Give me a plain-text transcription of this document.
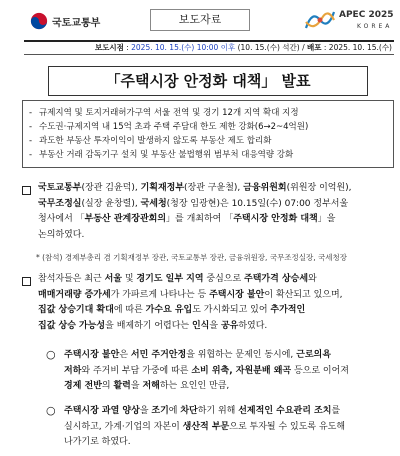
국토교통부	보도자료	APEC 2025
KOREA
보도시점 : 2025. 10. 15.(수) 10:00 이후 (10. 15.(수) 석간) / 배포 : 2025. 10. 15.(수)
「주택시장 안정화 대책」 발표
- 규제지역 및 토지거래허가구역 서울 전역 및 경기 12개 지역 확대 지정
- 수도권·규제지역 내 15억 초과 주택 주담대 한도 제한 강화(6→2~4억원)
- 과도한 부동산 투자이익이 발생하지 않도록 부동산 제도 합리화
- 부동산 거래 감독기구 설치 및 부동산 불법행위 범부처 대응역량 강화
국토교통부(장관 김윤덕), 기획재정부(장관 구윤철), 금융위원회(위원장 이억원),
국무조정실(실장 윤창렬), 국세청(청장 임광현)은 10.15일(수) 07:00 정부서울
청사에서 「부동산 관계장관회의」를 개최하여 「주택시장 안정화 대책」을
논의하였다.
* (참석) 경제부총리 겸 기획재정부 장관, 국토교통부 장관, 금융위원장, 국무조정실장, 국세청장
참석자들은 최근 서울 및 경기도 일부 지역 중심으로 주택가격 상승세와
매매거래량 증가세가 가파르게 나타나는 등 주택시장 불안이 확산되고 있으며,
집값 상승기대 확대에 따른 가수요 유입도 가시화되고 있어 추가적인
집값 상승 가능성을 배제하기 어렵다는 인식을 공유하였다.
○ 주택시장 불안은 서민 주거안정을 위협하는 문제인 동시에, 근로의욕
저하와 주거비 부담 가중에 따른 소비 위축, 자원분배 왜곡 등으로 이어져
경제 전반의 활력을 저해하는 요인인 만큼,
○ 주택시장 과열 양상을 조기에 차단하기 위해 선제적인 수요관리 조치를
실시하고, 가계·기업의 자본이 생산적 부문으로 투자될 수 있도록 유도해
나가기로 하였다.
